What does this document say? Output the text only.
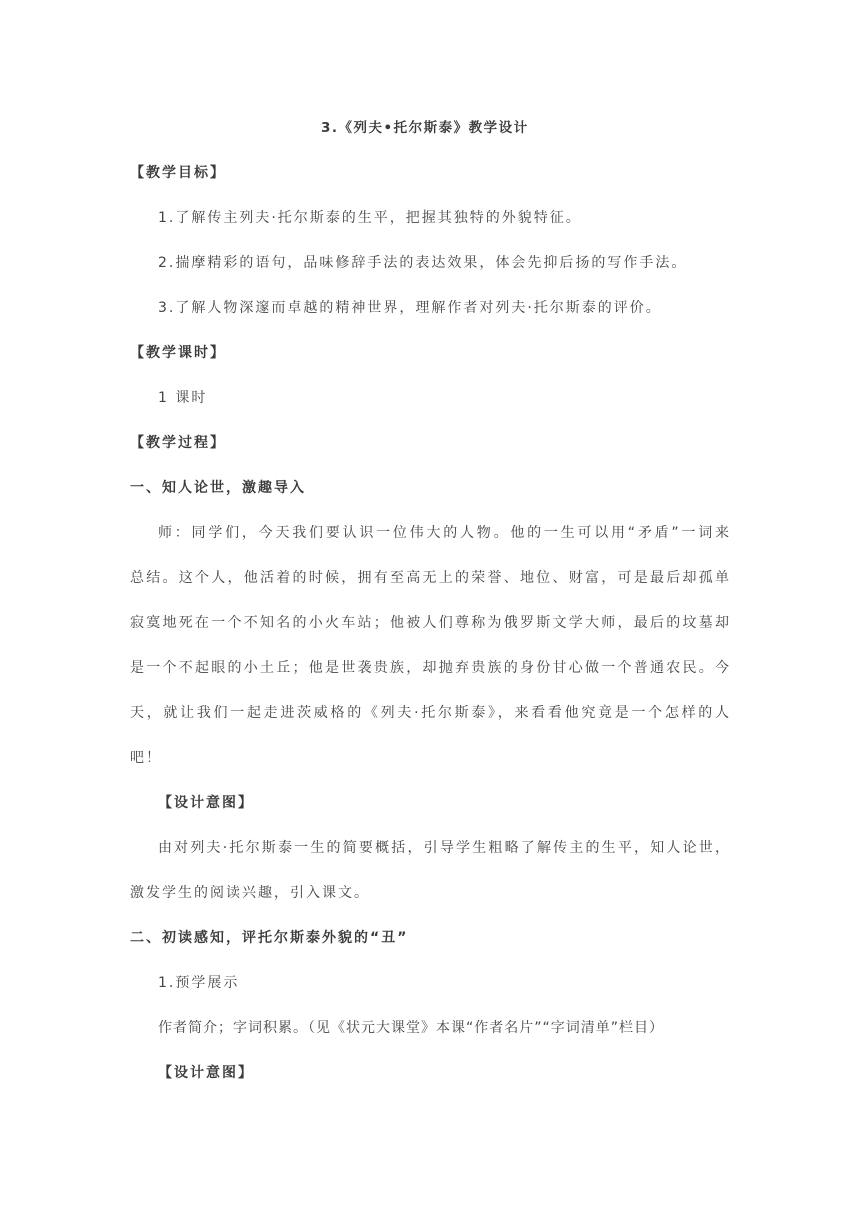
3.《列夫•托尔斯泰》教学设计
【教学目标】
1.了解传主列夫·托尔斯泰的生平，把握其独特的外貌特征。
2.揣摩精彩的语句，品味修辞手法的表达效果，体会先抑后扬的写作手法。
3.了解人物深邃而卓越的精神世界，理解作者对列夫·托尔斯泰的评价。
【教学课时】
1 课时
【教学过程】
一、知人论世，激趣导入
师：同学们，今天我们要认识一位伟大的人物。他的一生可以用“矛盾”一词来
总结。这个人，他活着的时候，拥有至高无上的荣誉、地位、财富，可是最后却孤单
寂寞地死在一个不知名的小火车站；他被人们尊称为俄罗斯文学大师，最后的坟墓却
是一个不起眼的小土丘；他是世袭贵族，却抛弃贵族的身份甘心做一个普通农民。今
天，就让我们一起走进茨威格的《列夫·托尔斯泰》，来看看他究竟是一个怎样的人
吧！
【设计意图】
由对列夫·托尔斯泰一生的简要概括，引导学生粗略了解传主的生平，知人论世，
激发学生的阅读兴趣，引入课文。
二、初读感知，评托尔斯泰外貌的“丑”
1.预学展示
作者简介；字词积累。（见《状元大课堂》本课“作者名片”“字词清单”栏目）
【设计意图】
